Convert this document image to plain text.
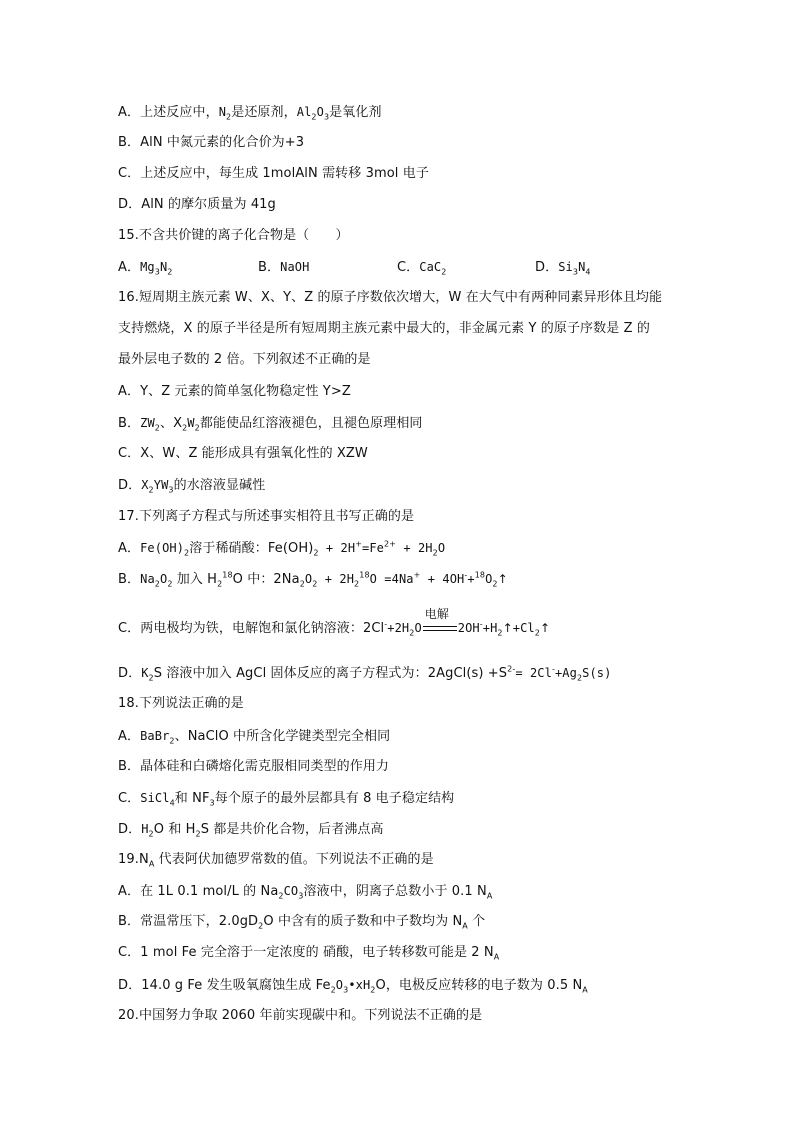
A．上述反应中，$N_2$是还原剂，$Al_2O_3$是氧化剂
B．AlN 中氮元素的化合价为+3
C．上述反应中，每生成 1molAlN 需转移 3mol 电子
D．AlN 的摩尔质量为 41g
15.不含共价键的离子化合物是（　　）
A．$Mg_3N_2$	B．NaOH	C．CaC$_2$	D．$Si_3N_4$
16.短周期主族元素 W、X、Y、Z 的原子序数依次增大，W 在大气中有两种同素异形体且均能
支持燃烧，X 的原子半径是所有短周期主族元素中最大的，非金属元素 Y 的原子序数是 Z 的
最外层电子数的 2 倍。下列叙述不正确的是
A．Y、Z 元素的简单氢化物稳定性 Y>Z
B．$ZW_2$、$X_2W_2$都能使品红溶液褪色，且褪色原理相同
C．X、W、Z 能形成具有强氧化性的 XZW
D．$X_2YW_3$的水溶液显碱性
17.下列离子方程式与所述事实相符且书写正确的是
A．$Fe(OH)_2$溶于稀硝酸：$Fe(OH)_2 + 2H^+=Fe^{2+} + 2H_2O$
B．$Na_2O_2$ 加入 $H_2^{18}O$ 中：$2Na_2O_2 + 2H_2^{18}O =4Na^+$ + $4OH^-+^{18}O_2↑$
C．两电极均为铁，电解饱和氯化钠溶液：$2Cl^-+2H_2O$
电解
$2OH^-+H_2↑+Cl_2↑$
D．$K_2S$ 溶液中加入 AgCl 固体反应的离子方程式为：2AgCl(s) $+S^{2-}= 2Cl^-+Ag_2S(s)$
18.下列说法正确的是
A．BaBr$_2$、NaClO 中所含化学键类型完全相同
B．晶体硅和白磷熔化需克服相同类型的作用力
C．SiCl$_4$和 $NF_3$每个原子的最外层都具有 8 电子稳定结构
D．$H_2O$ 和 $H_2S$ 都是共价化合物，后者沸点高
$19.N_A$ 代表阿伏加德罗常数的值。下列说法不正确的是
A．在 1L 0.1 mol/L 的 $Na_2CO_3$溶液中，阴离子总数小于 0.1 $N_A$
B．常温常压下，$2.0gD_2O$ 中含有的质子数和中子数均为 $N_A$ 个
C．1 mol Fe 完全溶于一定浓度的 硝酸，电子转移数可能是 2 $N_A$
D．14.0 g Fe 发生吸氧腐蚀生成 $Fe_2O_3•xH_2O$，电极反应转移的电子数为 0.5 $N_A$
20.中国努力争取 2060 年前实现碳中和。下列说法不正确的是
